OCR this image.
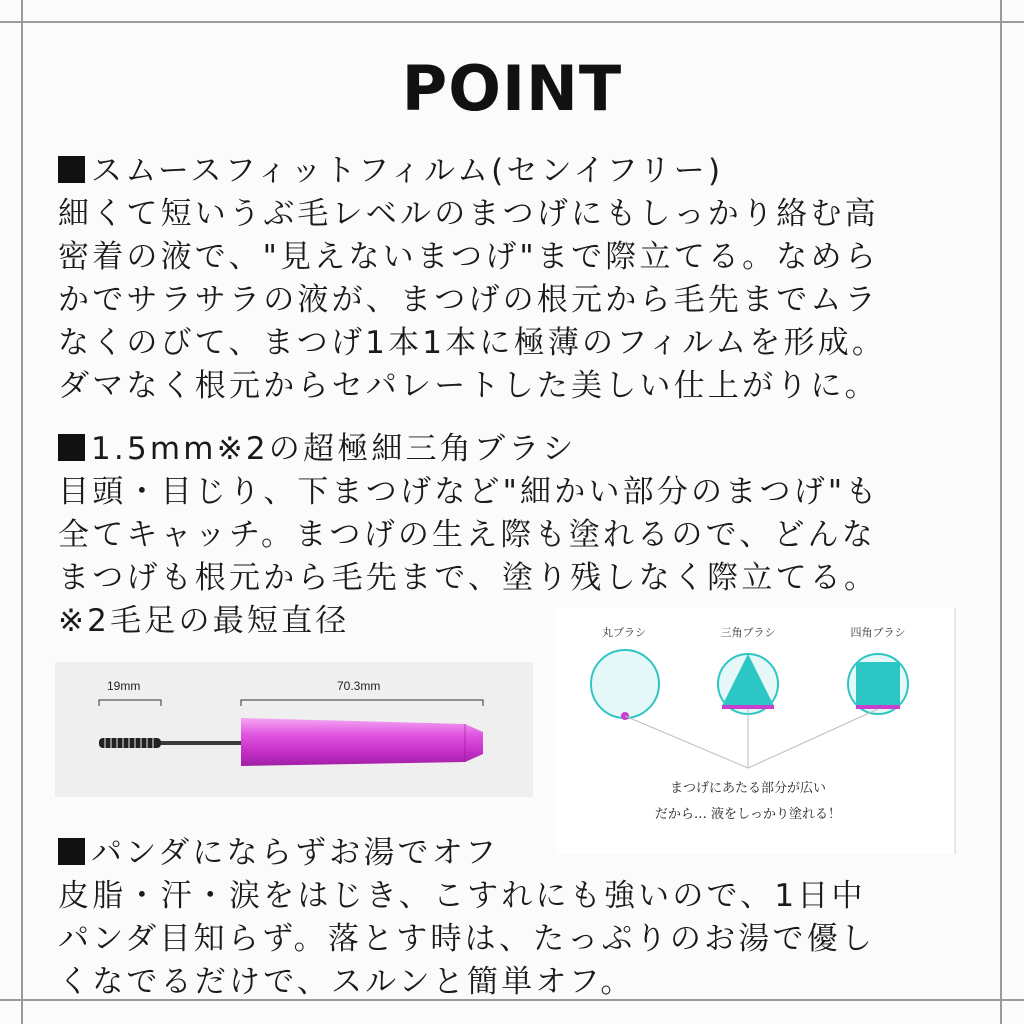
POINT
スムースフィットフィルム(センイフリー)
細くて短いうぶ毛レベルのまつげにもしっかり絡む高
密着の液で、"見えないまつげ"まで際立てる。なめら
かでサラサラの液が、まつげの根元から毛先までムラ
なくのびて、まつげ1本1本に極薄のフィルムを形成。
ダマなく根元からセパレートした美しい仕上がりに。
1.5mm※2の超極細三角ブラシ
目頭・目じり、下まつげなど"細かい部分のまつげ"も
全てキャッチ。まつげの生え際も塗れるので、どんな
まつげも根元から毛先まで、塗り残しなく際立てる。
※2毛足の最短直径
19mm	70.3mm
丸ブラシ	三角ブラシ	四角ブラシ
まつげにあたる部分が広い
だから… 液をしっかり塗れる！
パンダにならずお湯でオフ
皮脂・汗・涙をはじき、こすれにも強いので、1日中
パンダ目知らず。落とす時は、たっぷりのお湯で優し
くなでるだけで、スルンと簡単オフ。
